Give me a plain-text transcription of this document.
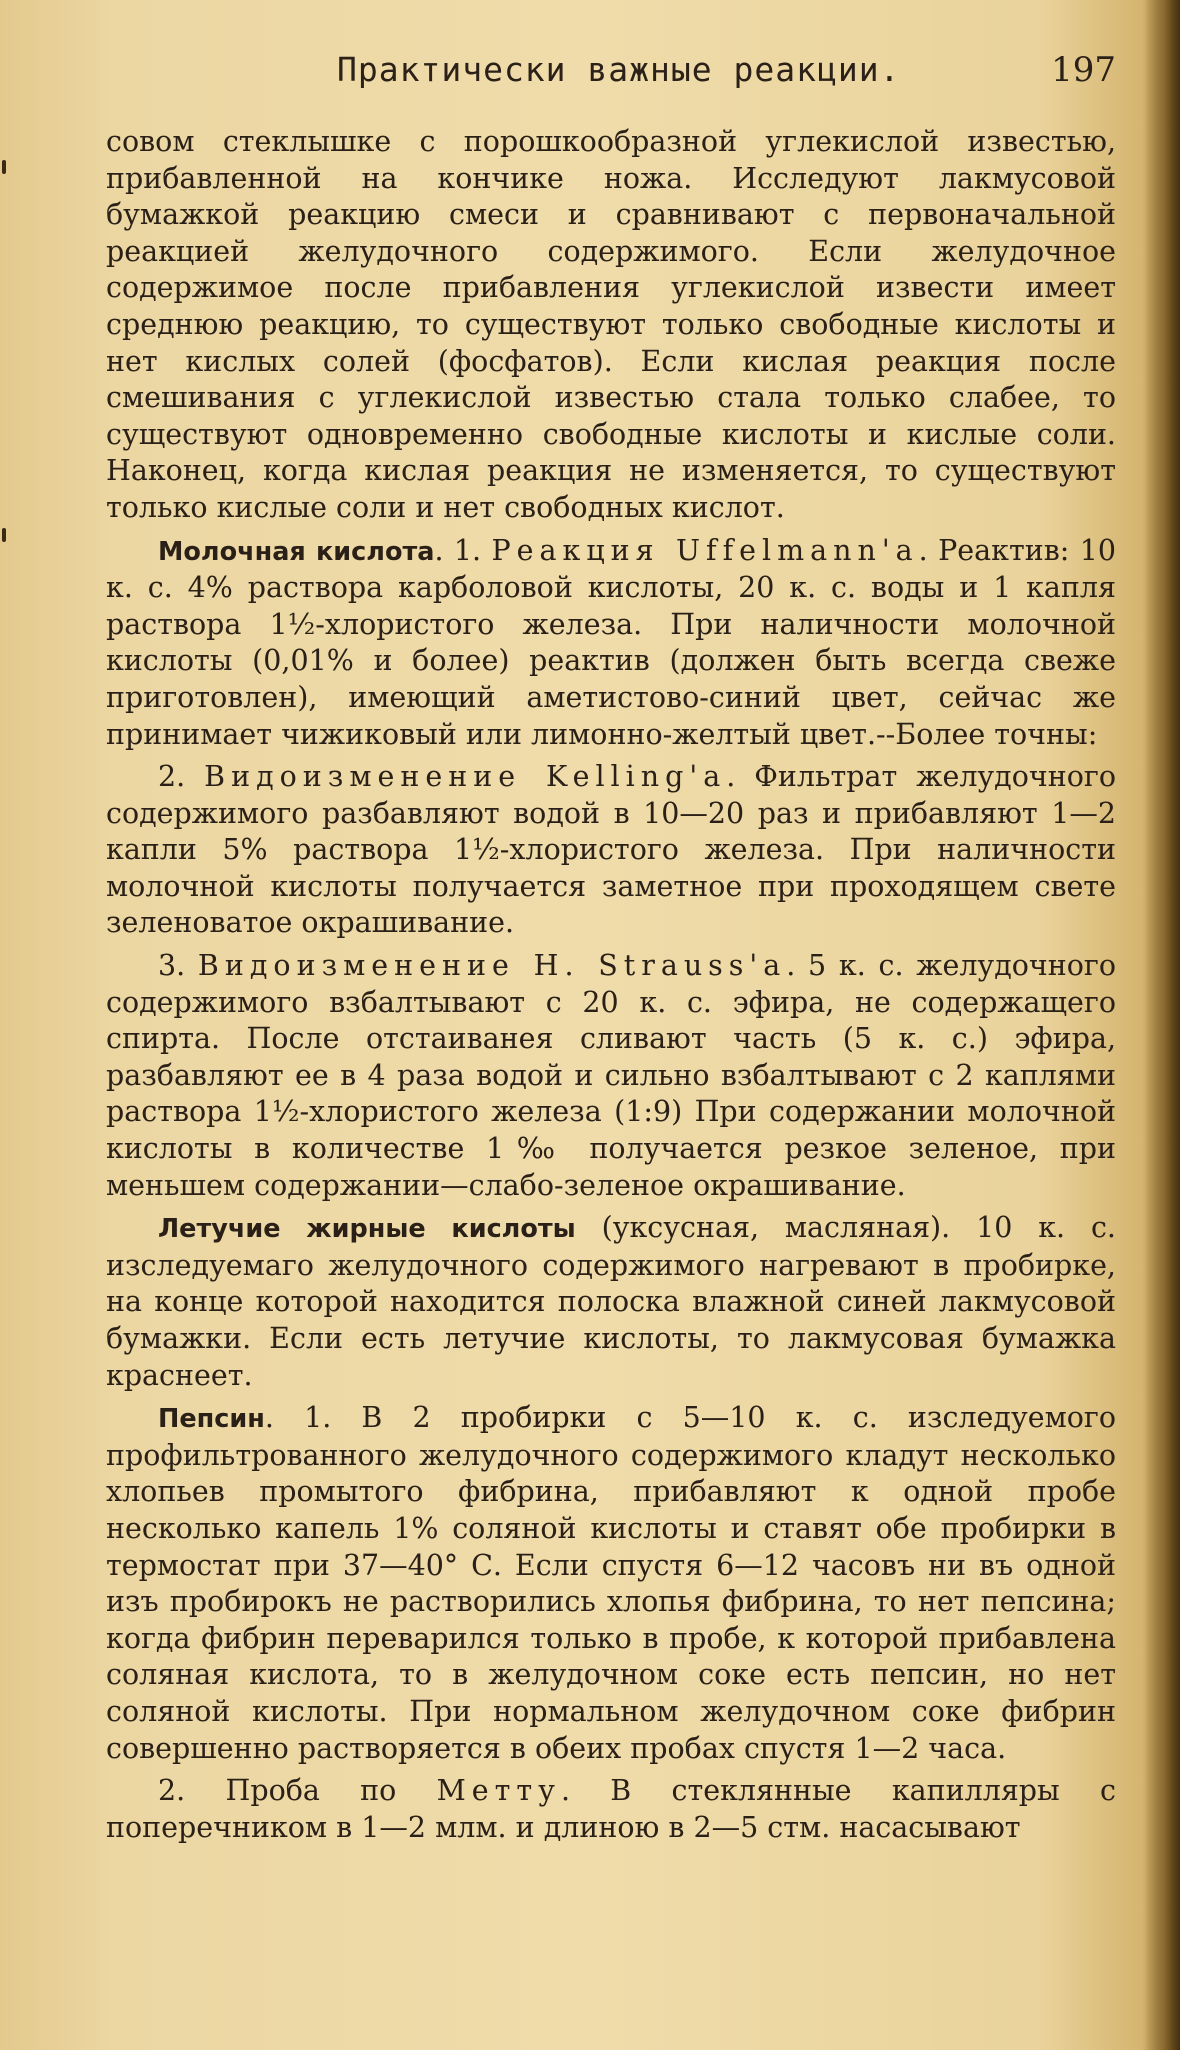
Практически важные реакции.	197

совом стеклышке с порошкообразной углекислой известью, прибавленной на кончике ножа. Исследуют лакмусовой бумажкой реакцию смеси и сравнивают с первоначальной реакцией желудочного содержимого. Если желудочное содержимое после прибавления углекислой извести имеет среднюю реакцию, то существуют только свободные кислоты и нет кислых солей (фосфатов). Если кислая реакция после смешивания с углекислой известью стала только слабее, то существуют одновременно свободные кислоты и кислые соли. Наконец, когда кислая реакция не изменяется, то существуют только кислые соли и нет свободных кислот.

Молочная кислота. 1. Реакция Uffelmann'a. Реактив: 10 к. с. 4% раствора карболовой кислоты, 20 к. с. воды и 1 капля раствора 1½-хлористого железа. При наличности молочной кислоты (0,01% и более) реактив (должен быть всегда свеже приготовлен), имеющий аметистово-синий цвет, сейчас же принимает чижиковый или лимонно-желтый цвет.--Более точны:

2. Видоизменение Kelling'a. Фильтрат желудочного содержимого разбавляют водой в 10—20 раз и прибавляют 1—2 капли 5% раствора 1½-хлористого железа. При наличности молочной кислоты получается заметное при проходящем свете зеленоватое окрашивание.

3. Видоизменение H. Strauss'a. 5 к. с. желудочного содержимого взбалтывают с 20 к. с. эфира, не содержащего спирта. После отстаиванея сливают часть (5 к. с.) эфира, разбавляют ее в 4 раза водой и сильно взбалтывают с 2 каплями раствора 1½-хлористого железа (1:9) При содержании молочной кислоты в количестве 1‰ получается резкое зеленое, при меньшем содержании—слабо-зеленое окрашивание.

Летучие жирные кислоты (уксусная, масляная). 10 к. с. изследуемаго желудочного содержимого нагревают в пробирке, на конце которой находится полоска влажной синей лакмусовой бумажки. Если есть летучие кислоты, то лакмусовая бумажка краснеет.

Пепсин. 1. В 2 пробирки с 5—10 к. с. изследуемого профильтрованного желудочного содержимого кладут несколько хлопьев промытого фибрина, прибавляют к одной пробе несколько капель 1% соляной кислоты и ставят обе пробирки в термостат при 37—40° С. Если спустя 6—12 часовъ ни въ одной изъ пробирокъ не растворились хлопья фибрина, то нет пепсина; когда фибрин переварился только в пробе, к которой прибавлена соляная кислота, то в желудочном соке есть пепсин, но нет соляной кислоты. При нормальном желудочном соке фибрин совершенно растворяется в обеих пробах спустя 1—2 часа.

2. Проба по Метту. В стеклянные капилляры с поперечником в 1—2 млм. и длиною в 2—5 стм. насасывают
